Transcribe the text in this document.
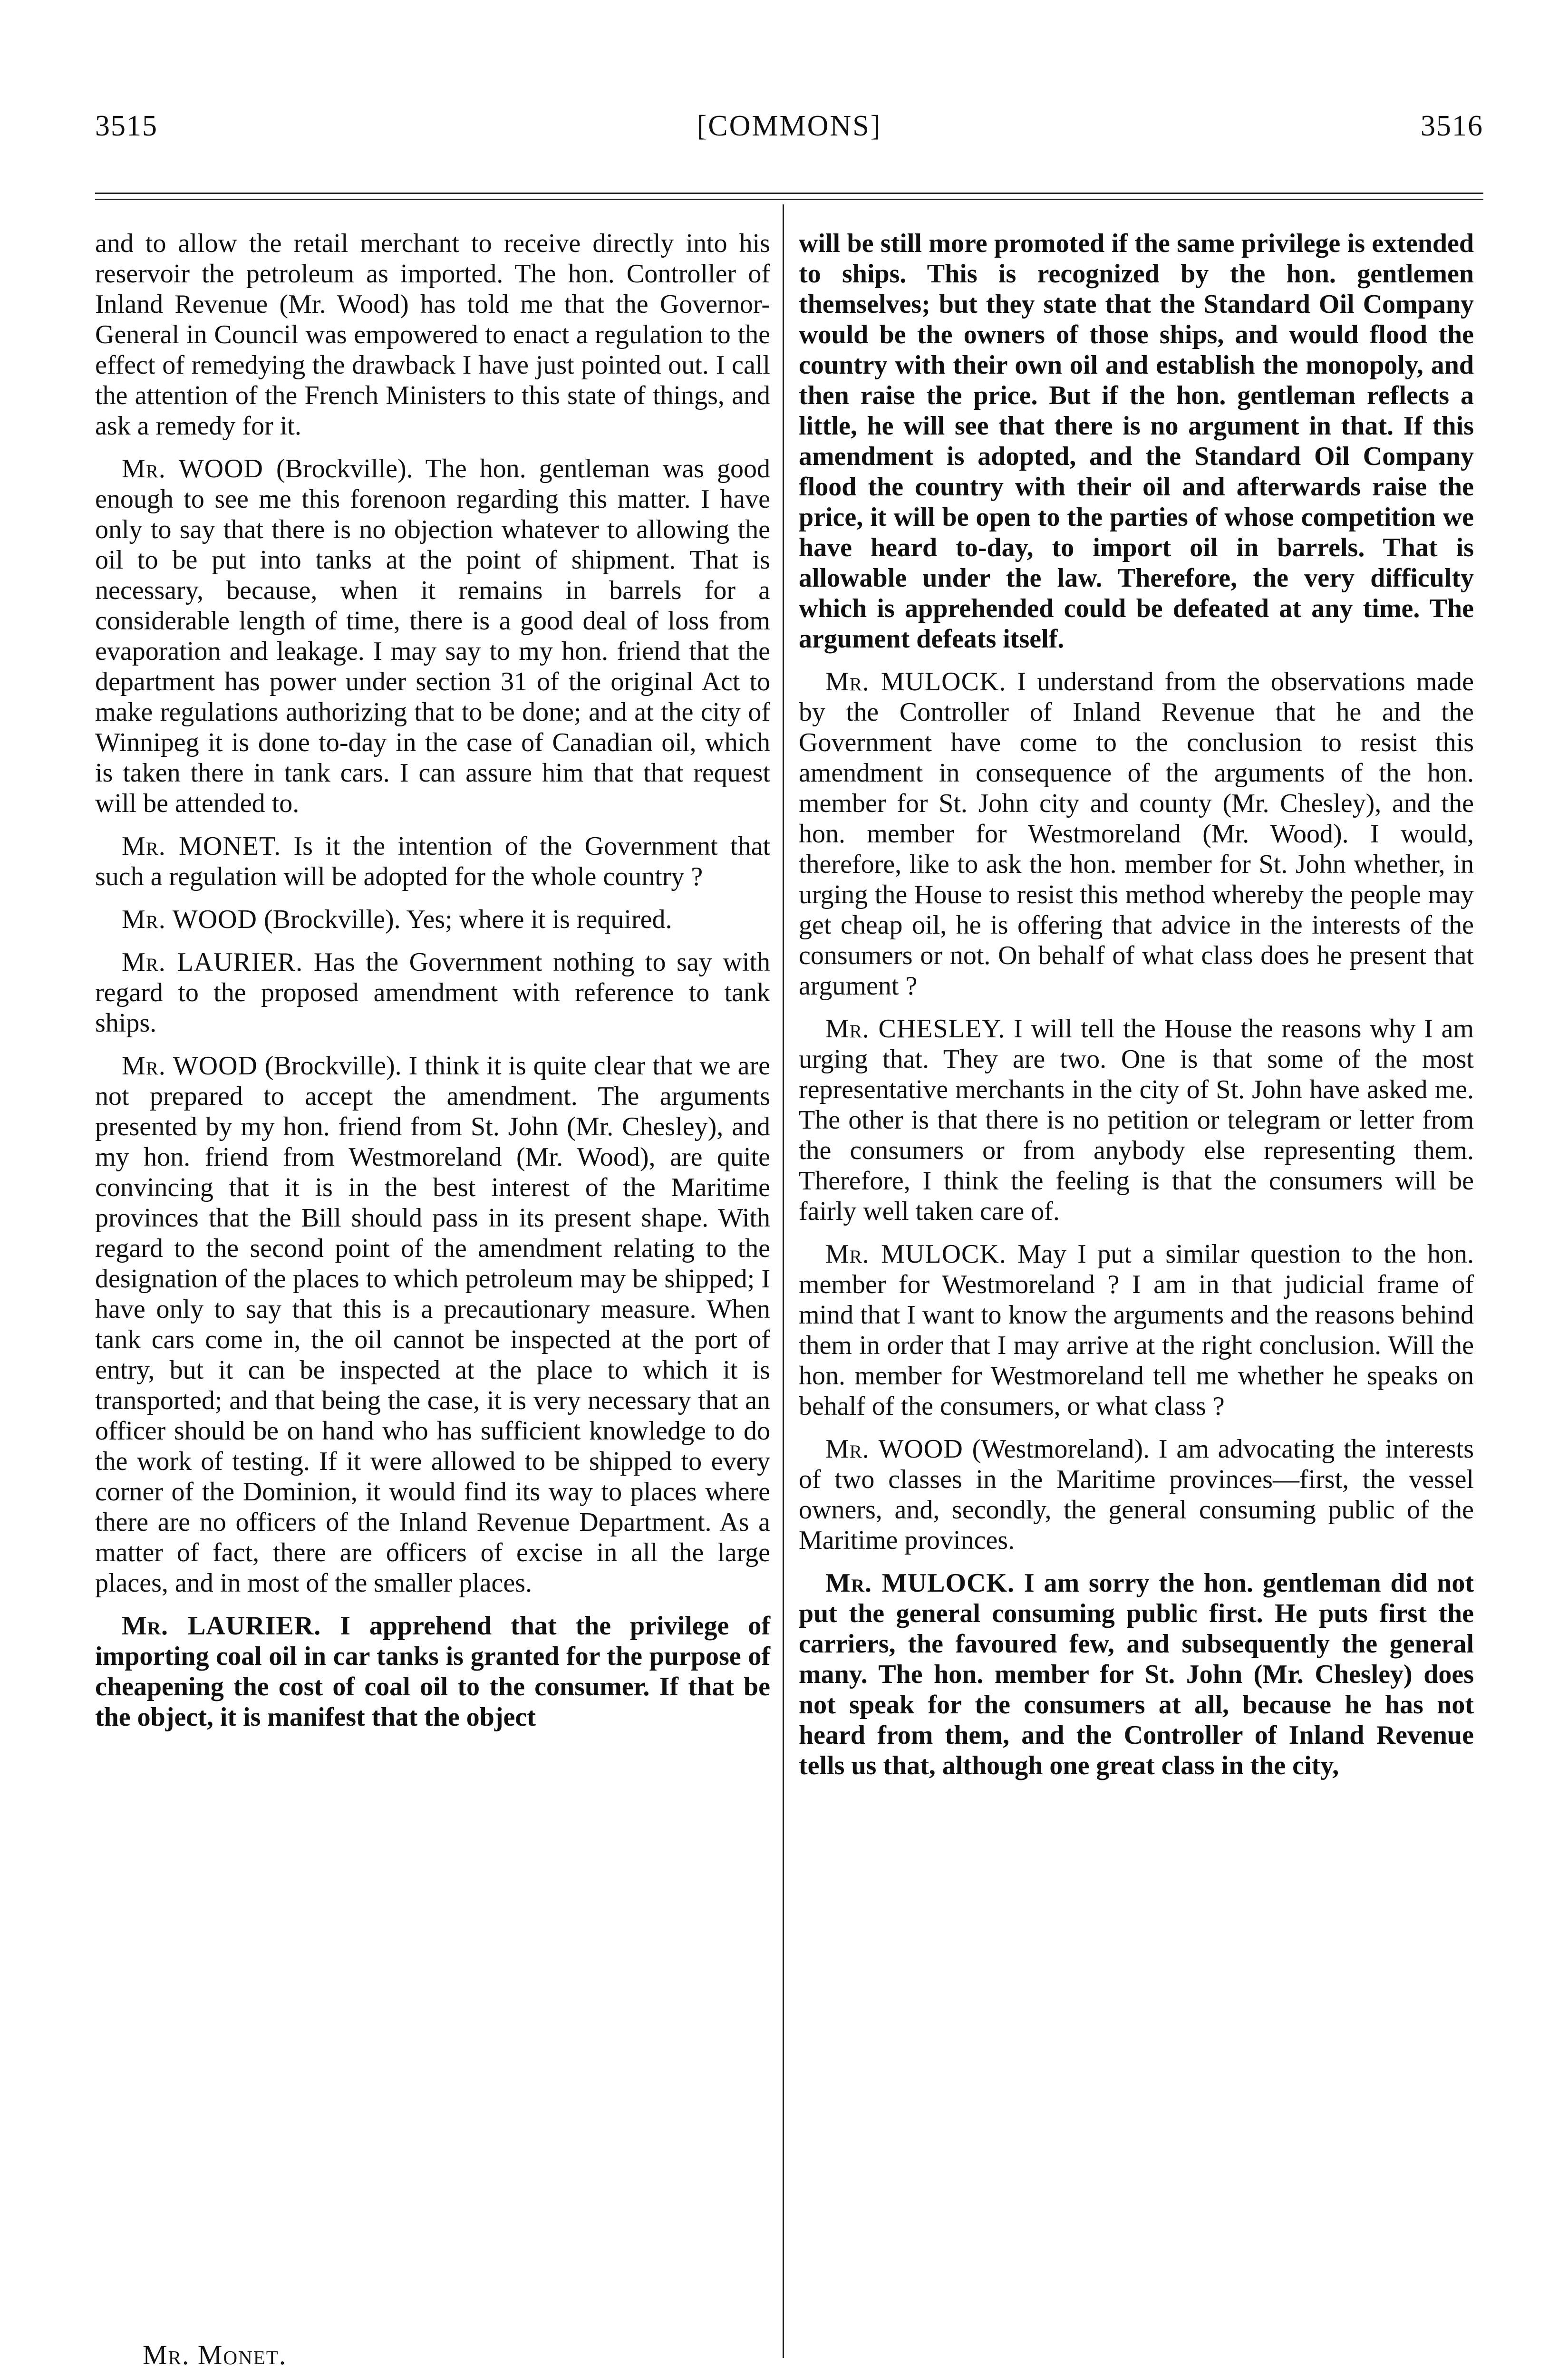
3515	[COMMONS]	3516

and to allow the retail merchant to receive directly into his reservoir the petroleum as imported. The hon. Controller of Inland Revenue (Mr. Wood) has told me that the Governor-General in Council was empowered to enact a regulation to the effect of remedying the drawback I have just pointed out. I call the attention of the French Ministers to this state of things, and ask a remedy for it.

Mr. WOOD (Brockville). The hon. gentleman was good enough to see me this forenoon regarding this matter. I have only to say that there is no objection whatever to allowing the oil to be put into tanks at the point of shipment. That is necessary, because, when it remains in barrels for a considerable length of time, there is a good deal of loss from evaporation and leakage. I may say to my hon. friend that the department has power under section 31 of the original Act to make regulations authorizing that to be done; and at the city of Winnipeg it is done to-day in the case of Canadian oil, which is taken there in tank cars. I can assure him that that request will be attended to.

Mr. MONET. Is it the intention of the Government that such a regulation will be adopted for the whole country ?

Mr. WOOD (Brockville). Yes; where it is required.

Mr. LAURIER. Has the Government nothing to say with regard to the proposed amendment with reference to tank ships.

Mr. WOOD (Brockville). I think it is quite clear that we are not prepared to accept the amendment. The arguments presented by my hon. friend from St. John (Mr. Chesley), and my hon. friend from Westmoreland (Mr. Wood), are quite convincing that it is in the best interest of the Maritime provinces that the Bill should pass in its present shape. With regard to the second point of the amendment relating to the designation of the places to which petroleum may be shipped; I have only to say that this is a precautionary measure. When tank cars come in, the oil cannot be inspected at the port of entry, but it can be inspected at the place to which it is transported; and that being the case, it is very necessary that an officer should be on hand who has sufficient knowledge to do the work of testing. If it were allowed to be shipped to every corner of the Dominion, it would find its way to places where there are no officers of the Inland Revenue Department. As a matter of fact, there are officers of excise in all the large places, and in most of the smaller places.

Mr. LAURIER. I apprehend that the privilege of importing coal oil in car tanks is granted for the purpose of cheapening the cost of coal oil to the consumer. If that be the object, it is manifest that the object

will be still more promoted if the same privilege is extended to ships. This is recognized by the hon. gentlemen themselves; but they state that the Standard Oil Company would be the owners of those ships, and would flood the country with their own oil and establish the monopoly, and then raise the price. But if the hon. gentleman reflects a little, he will see that there is no argument in that. If this amendment is adopted, and the Standard Oil Company flood the country with their oil and afterwards raise the price, it will be open to the parties of whose competition we have heard to-day, to import oil in barrels. That is allowable under the law. Therefore, the very difficulty which is apprehended could be defeated at any time. The argument defeats itself.

Mr. MULOCK. I understand from the observations made by the Controller of Inland Revenue that he and the Government have come to the conclusion to resist this amendment in consequence of the arguments of the hon. member for St. John city and county (Mr. Chesley), and the hon. member for Westmoreland (Mr. Wood). I would, therefore, like to ask the hon. member for St. John whether, in urging the House to resist this method whereby the people may get cheap oil, he is offering that advice in the interests of the consumers or not. On behalf of what class does he present that argument ?

Mr. CHESLEY. I will tell the House the reasons why I am urging that. They are two. One is that some of the most representative merchants in the city of St. John have asked me. The other is that there is no petition or telegram or letter from the consumers or from anybody else representing them. Therefore, I think the feeling is that the consumers will be fairly well taken care of.

Mr. MULOCK. May I put a similar question to the hon. member for Westmoreland ? I am in that judicial frame of mind that I want to know the arguments and the reasons behind them in order that I may arrive at the right conclusion. Will the hon. member for Westmoreland tell me whether he speaks on behalf of the consumers, or what class ?

Mr. WOOD (Westmoreland). I am advocating the interests of two classes in the Maritime provinces—first, the vessel owners, and, secondly, the general consuming public of the Maritime provinces.

Mr. MULOCK. I am sorry the hon. gentleman did not put the general consuming public first. He puts first the carriers, the favoured few, and subsequently the general many. The hon. member for St. John (Mr. Chesley) does not speak for the consumers at all, because he has not heard from them, and the Controller of Inland Revenue tells us that, although one great class in the city,

Mr. Monet.
